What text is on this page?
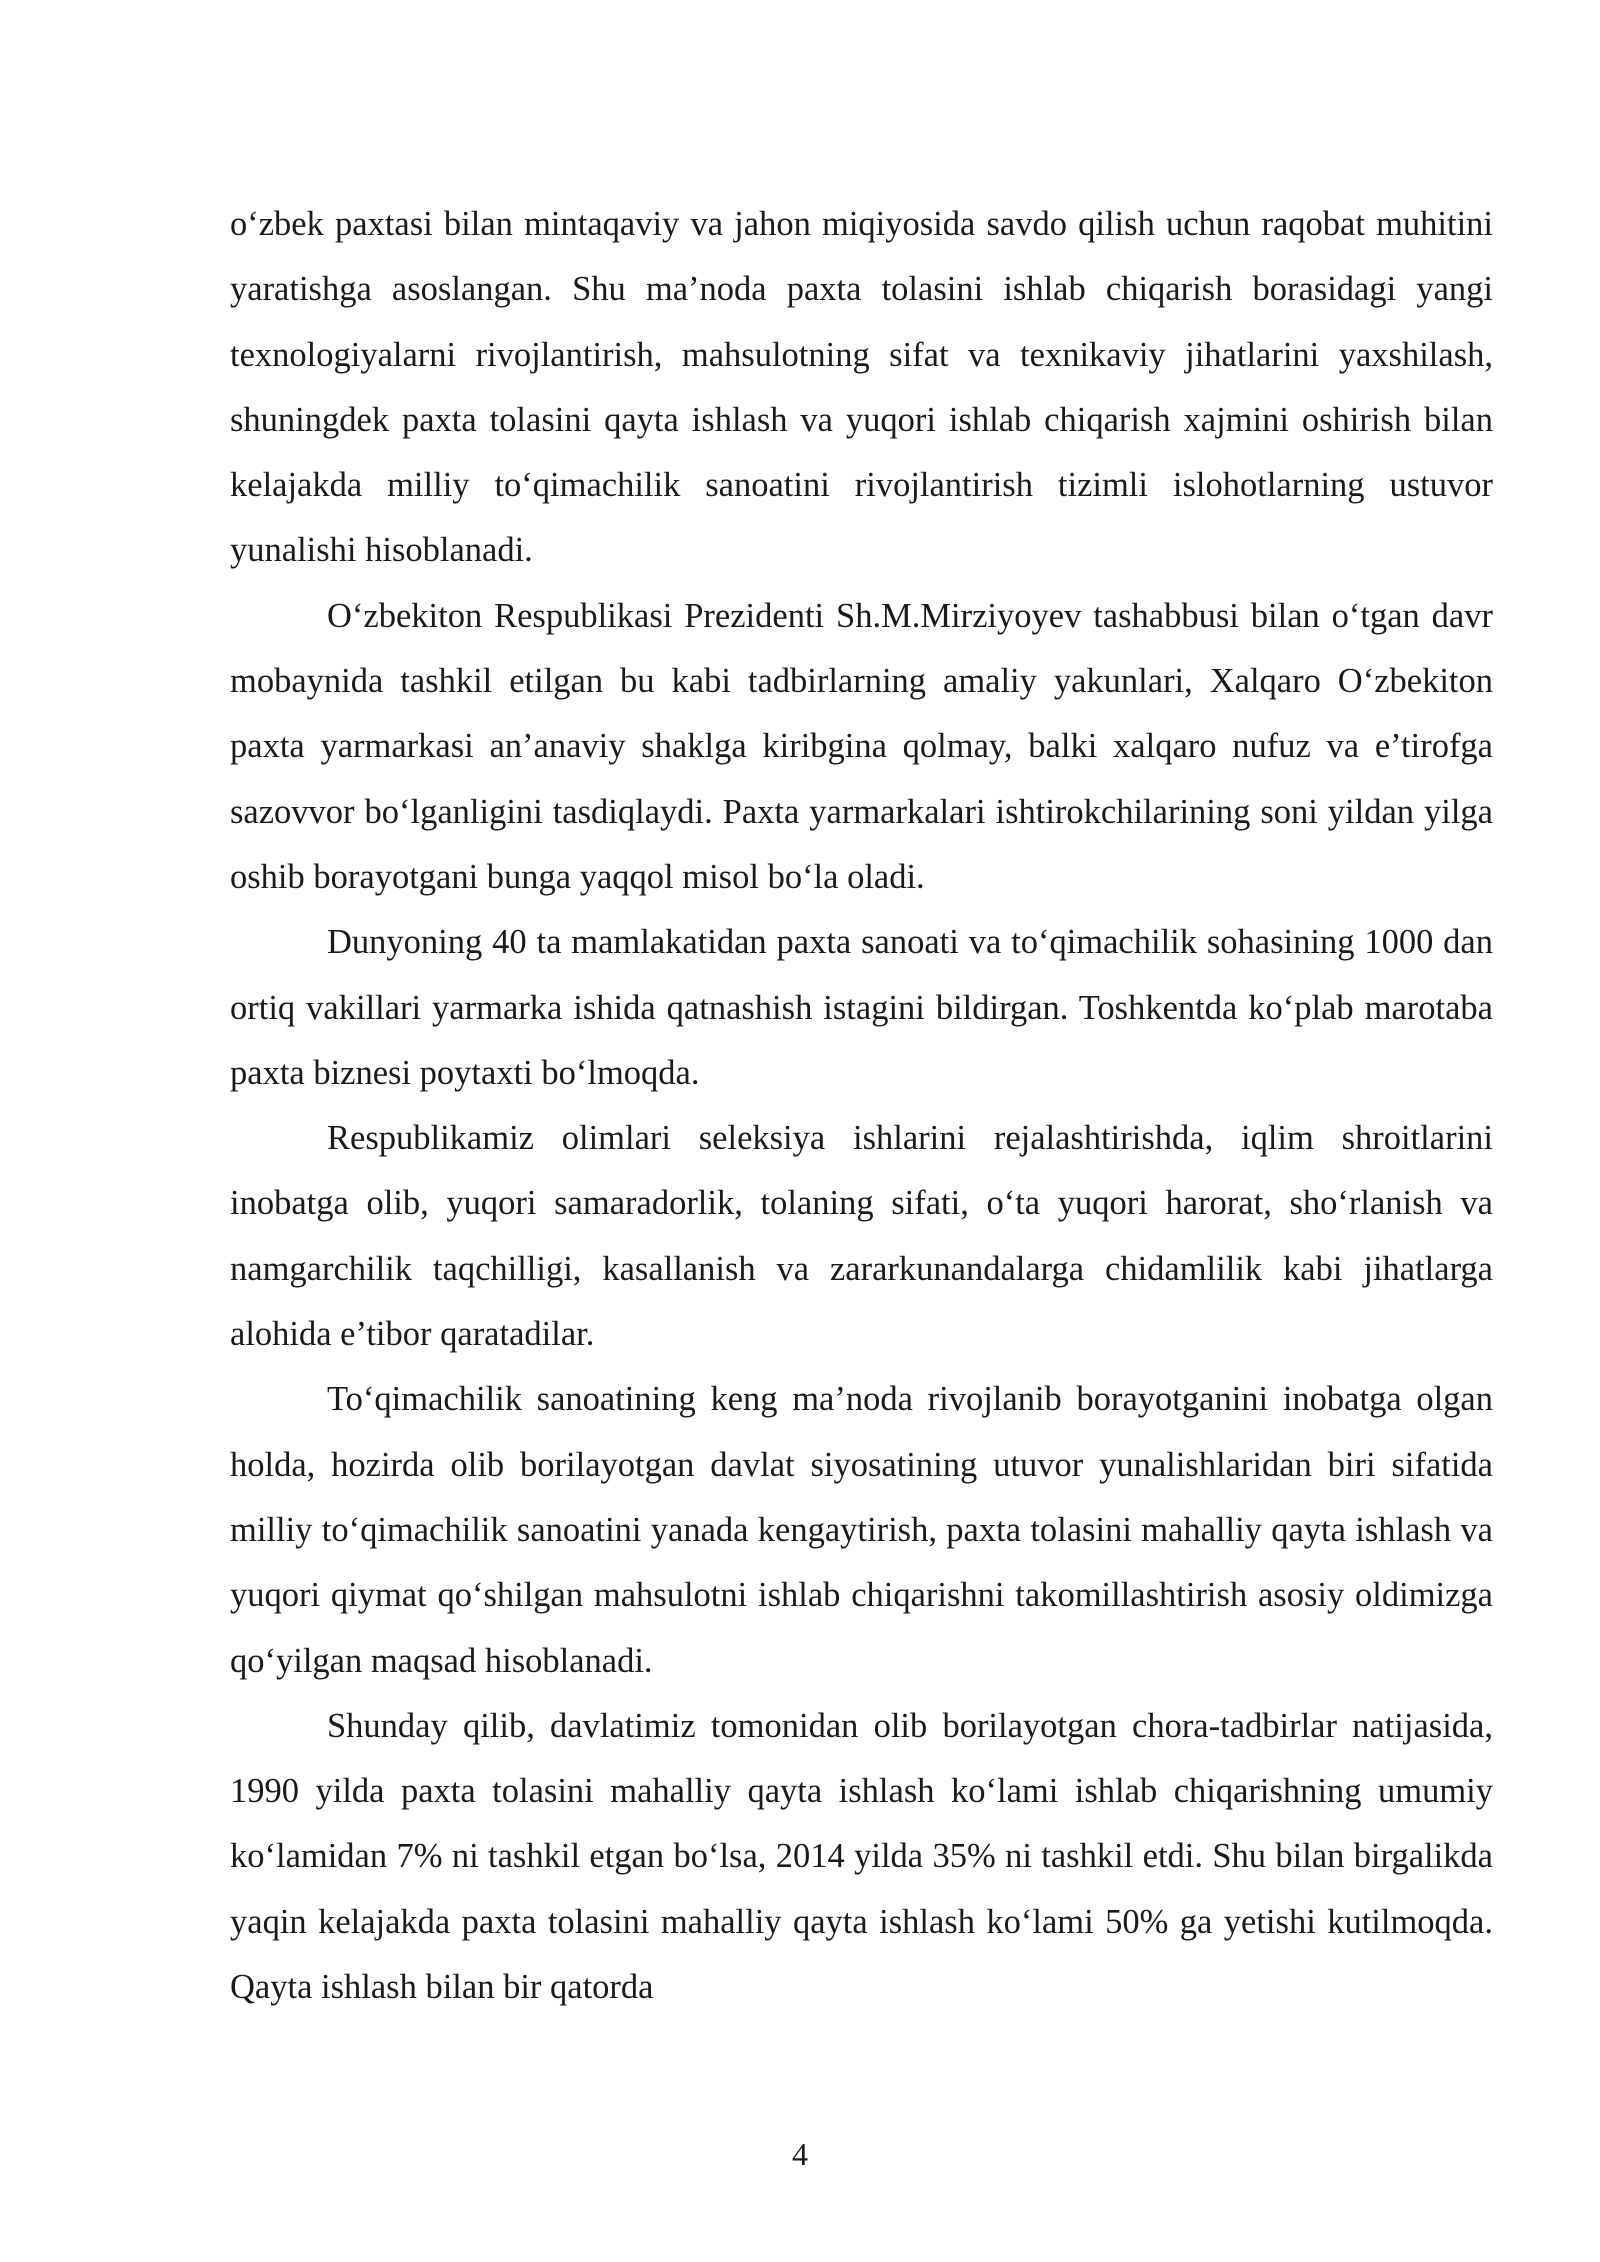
o‘zbek paxtasi bilan mintaqaviy va jahon miqiyosida savdo qilish uchun raqobat muhitini yaratishga asoslangan. Shu ma’noda paxta tolasini ishlab chiqarish borasidagi yangi texnologiyalarni rivojlantirish, mahsulotning sifat va texnikaviy jihatlarini yaxshilash, shuningdek paxta tolasini qayta ishlash va yuqori ishlab chiqarish xajmini oshirish bilan kelajakda milliy to‘qimachilik sanoatini rivojlantirish tizimli islohotlarning ustuvor yunalishi hisoblanadi.

O‘zbekiton Respublikasi Prezidenti Sh.M.Mirziyoyev tashabbusi bilan o‘tgan davr mobaynida tashkil etilgan bu kabi tadbirlarning amaliy yakunlari, Xalqaro O‘zbekiton paxta yarmarkasi an’anaviy shaklga kiribgina qolmay, balki xalqaro nufuz va e’tirofga sazovvor bo‘lganligini tasdiqlaydi. Paxta yarmarkalari ishtirokchilarining soni yildan yilga oshib borayotgani bunga yaqqol misol bo‘la oladi.

Dunyoning 40 ta mamlakatidan paxta sanoati va to‘qimachilik sohasining 1000 dan ortiq vakillari yarmarka ishida qatnashish istagini bildirgan. Toshkentda ko‘plab marotaba paxta biznesi poytaxti bo‘lmoqda.

Respublikamiz olimlari seleksiya ishlarini rejalashtirishda, iqlim shroitlarini inobatga olib, yuqori samaradorlik, tolaning sifati, o‘ta yuqori harorat, sho‘rlanish va namgarchilik taqchilligi, kasallanish va zararkunandalarga chidamlilik kabi jihatlarga alohida e’tibor qaratadilar.

To‘qimachilik sanoatining keng ma’noda rivojlanib borayotganini inobatga olgan holda, hozirda olib borilayotgan davlat siyosatining utuvor yunalishlaridan biri sifatida milliy to‘qimachilik sanoatini yanada kengaytirish, paxta tolasini mahalliy qayta ishlash va yuqori qiymat qo‘shilgan mahsulotni ishlab chiqarishni takomillashtirish asosiy oldimizga qo‘yilgan maqsad hisoblanadi.

Shunday qilib, davlatimiz tomonidan olib borilayotgan chora-tadbirlar natijasida, 1990 yilda paxta tolasini mahalliy qayta ishlash ko‘lami ishlab chiqarishning umumiy ko‘lamidan 7% ni tashkil etgan bo‘lsa, 2014 yilda 35% ni tashkil etdi. Shu bilan birgalikda yaqin kelajakda paxta tolasini mahalliy qayta ishlash ko‘lami 50% ga yetishi kutilmoqda. Qayta ishlash bilan bir qatorda

4
